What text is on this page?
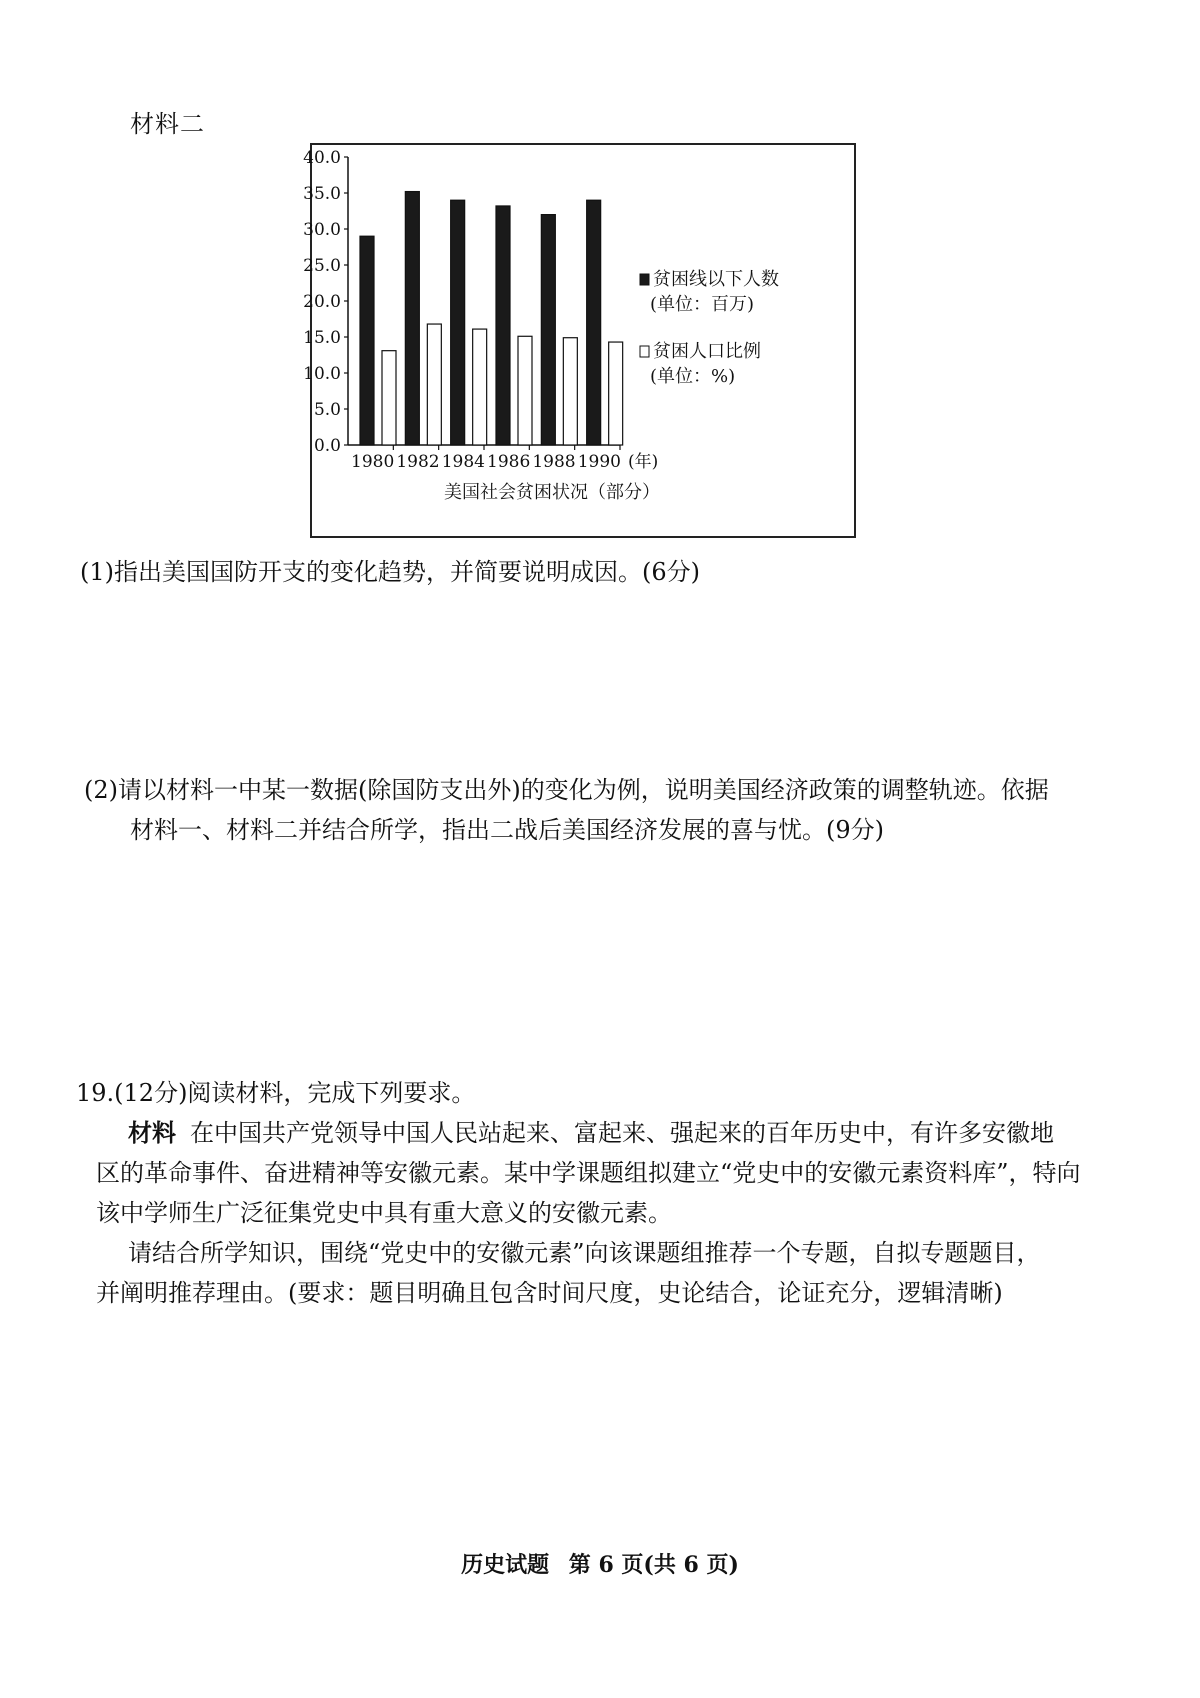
材料二
40.0
35.0
30.0
25.0
20.0
15.0
10.0
5.0
0.0
1980 1982 1984 1986 1988 1990 (年)
贫困线以下人数
(单位：百万)
贫困人口比例
(单位：%)
美国社会贫困状况（部分）
(1)指出美国国防开支的变化趋势，并简要说明成因。(6分)
(2)请以材料一中某一数据(除国防支出外)的变化为例，说明美国经济政策的调整轨迹。依据
材料一、材料二并结合所学，指出二战后美国经济发展的喜与忧。(9分)

19.(12分)阅读材料，完成下列要求。

材料 在中国共产党领导中国人民站起来、富起来、强起来的百年历史中，有许多安徽地

区的革命事件、奋进精神等安徽元素。某中学课题组拟建立“党史中的安徽元素资料库”，特向

该中学师生广泛征集党史中具有重大意义的安徽元素。

请结合所学知识，围绕“党史中的安徽元素”向该课题组推荐一个专题，自拟专题题目，

并阐明推荐理由。(要求：题目明确且包含时间尺度，史论结合，论证充分，逻辑清晰)

历史试题 第 6 页(共 6 页)
